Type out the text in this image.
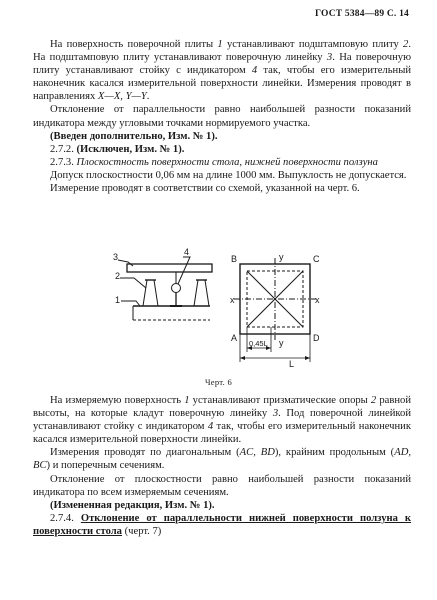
ГОСТ 5384—89 С. 14

На поверхность поверочной плиты 1 устанавливают подштамповую плиту 2. На подштамповую плиту устанавливают поверочную линейку 3. На поверочную плиту устанавливают стойку с индикатором 4 так, чтобы его измерительный наконечник касался измерительной поверхности линейки. Измерения проводят в направлениях X—X, Y—Y.

Отклонение от параллельности равно наибольшей разности показаний индикатора между угловыми точками нормируемого участка.

(Введен дополнительно, Изм. № 1).

2.7.2. (Исключен, Изм. № 1).

2.7.3. Плоскостность поверхности стола, нижней поверхности ползуна

Допуск плоскостности 0,06 мм на длине 1000 мм. Выпуклость не допускается.

Измерение проводят в соответствии со схемой, указанной на черт. 6.

3
2
1
4
B	C
A	D
y
y
x	x
0,45L
L
Черт. 6

На измеряемую поверхность 1 устанавливают призматические опоры 2 равной высоты, на которые кладут поверочную линейку 3. Под поверочной линейкой устанавливают стойку с индикатором 4 так, чтобы его измерительный наконечник касался измерительной поверхности линейки.

Измерения проводят по диагональным (AC, BD), крайним продольным (AD, BC) и поперечным сечениям.

Отклонение от плоскостности равно наибольшей разности показаний индикатора по всем измеряемым сечениям.

(Измененная редакция, Изм. № 1).

2.7.4. Отклонение от параллельности нижней поверхности ползуна к поверхности стола (черт. 7)
